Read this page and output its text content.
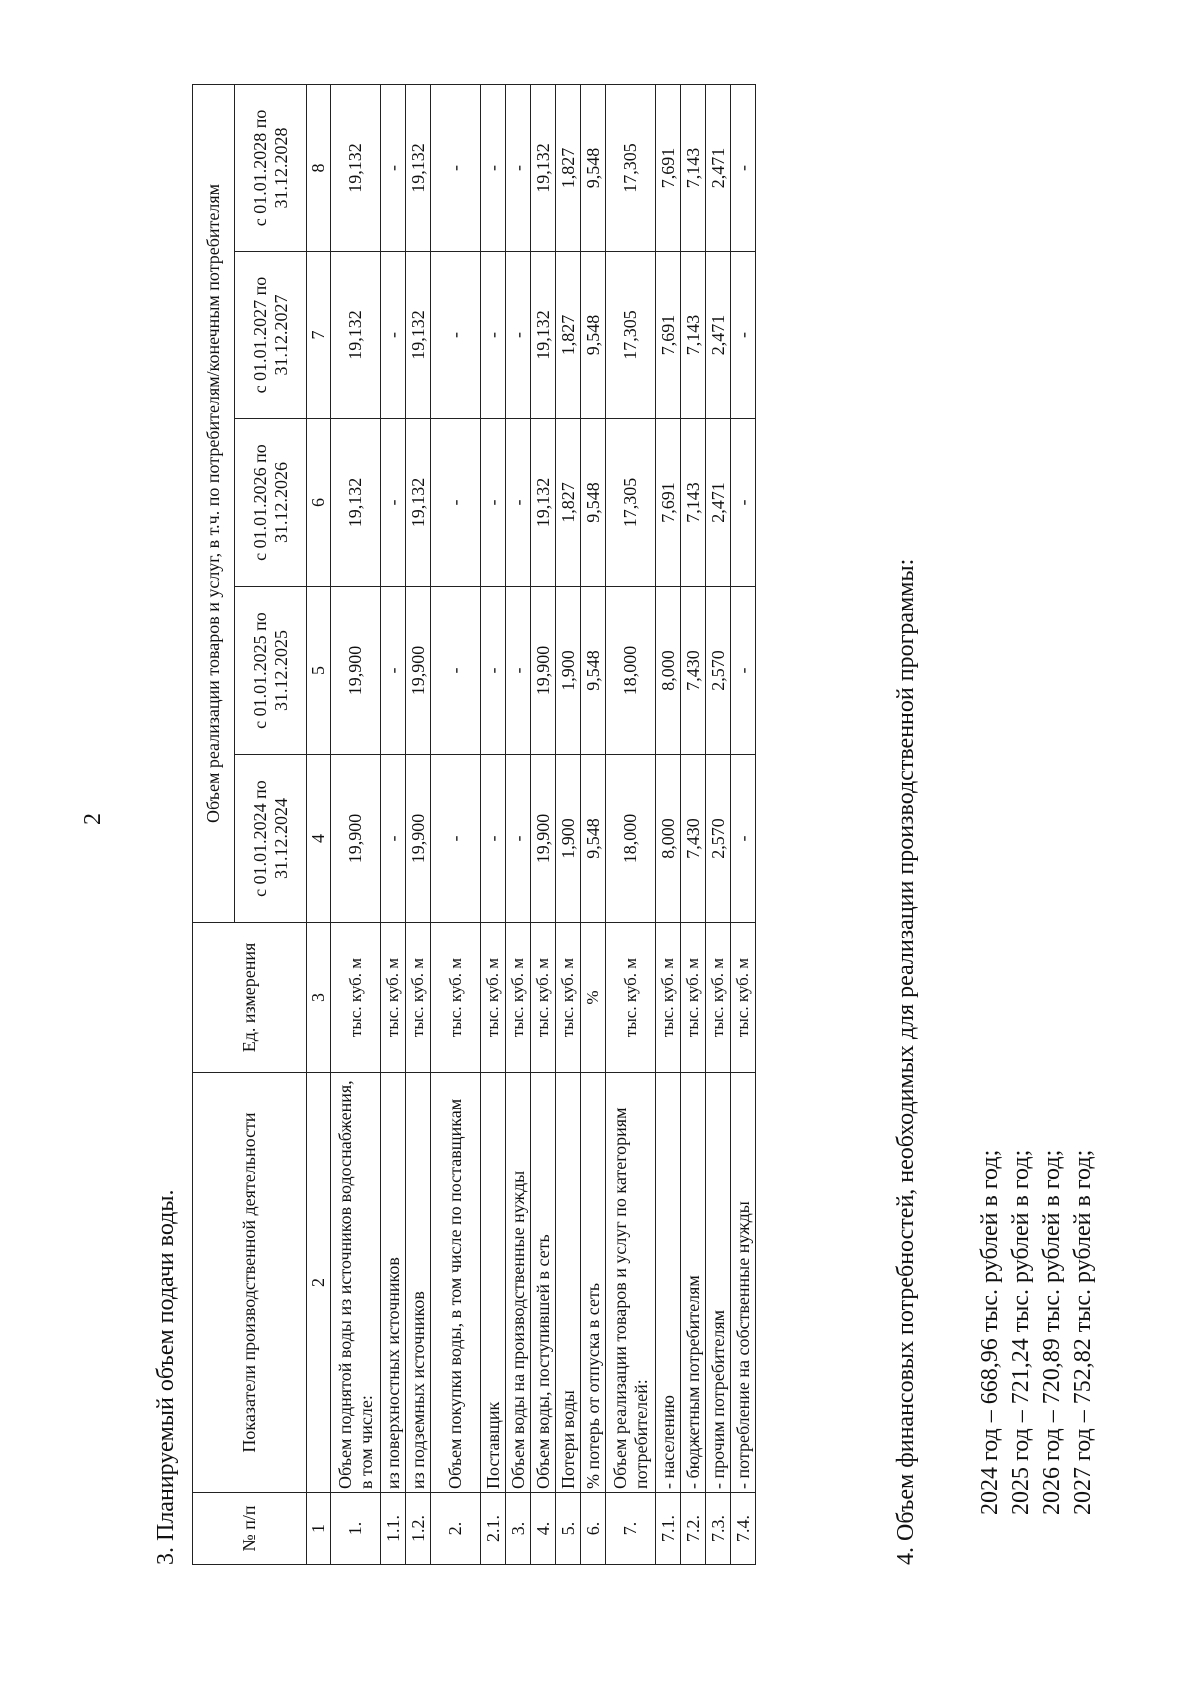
2
3. Планируемый объем подачи воды.	№ п/п	Показатели производственной деятельности	Ед. измерения	Объем реализации товаров и услуг, в т.ч. по потребителям/конечным потребителям				
			с 01.01.2024 по 31.12.2024	с 01.01.2025 по 31.12.2025	с 01.01.2026 по 31.12.2026	с 01.01.2027 по 31.12.2027	с 01.01.2028 по 31.12.2028
1	2	3	4	5	6	7	8
1.	Объем поднятой воды из источников водоснабжения, в том числе:	тыс. куб. м	19,900	19,900	19,132	19,132	19,132
1.1.	из поверхностных источников	тыс. куб. м	-	-	-	-	-
1.2.	из подземных источников	тыс. куб. м	19,900	19,900	19,132	19,132	19,132
2.	Объем покупки воды, в том числе по поставщикам	тыс. куб. м	-	-	-	-	-
2.1.	Поставщик	тыс. куб. м	-	-	-	-	-
3.	Объем воды на производственные нужды	тыс. куб. м	-	-	-	-	-
4.	Объем воды, поступившей в сеть	тыс. куб. м	19,900	19,900	19,132	19,132	19,132
5.	Потери воды	тыс. куб. м	1,900	1,900	1,827	1,827	1,827
6.	% потерь от отпуска в сеть	%	9,548	9,548	9,548	9,548	9,548
7.	Объем реализации товаров и услуг по категориям потребителей:	тыс. куб. м	18,000	18,000	17,305	17,305	17,305
7.1.	- населению	тыс. куб. м	8,000	8,000	7,691	7,691	7,691
7.2.	- бюджетным потребителям	тыс. куб. м	7,430	7,430	7,143	7,143	7,143
7.3.	- прочим потребителям	тыс. куб. м	2,570	2,570	2,471	2,471	2,471
7.4.	- потребление на собственные нужды	тыс. куб. м	-	-	-	-	-
4. Объем финансовых потребностей, необходимых для реализации производственной программы: 2024 год – 668,96 тыс. рублей в год; 2025 год – 721,24 тыс. рублей в год; 2026 год – 720,89 тыс. рублей в год; 2027 год – 752,82 тыс. рублей в год;
